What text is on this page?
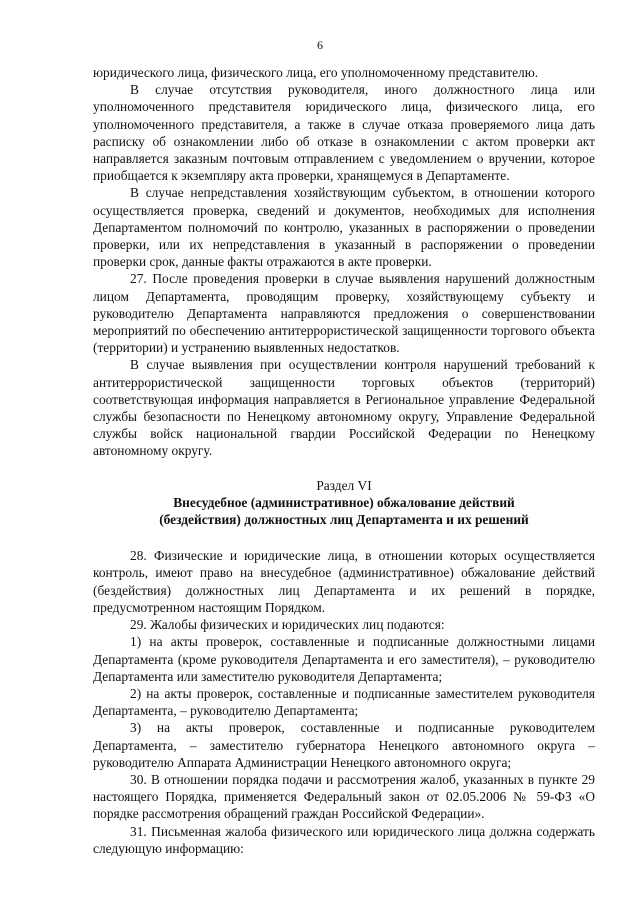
6

юридического лица, физического лица, его уполномоченному представителю.

В случае отсутствия руководителя, иного должностного лица или уполномоченного представителя юридического лица, физического лица, его уполномоченного представителя, а также в случае отказа проверяемого лица дать расписку об ознакомлении либо об отказе в ознакомлении с актом проверки акт направляется заказным почтовым отправлением с уведомлением о вручении, которое приобщается к экземпляру акта проверки, хранящемуся в Департаменте.

В случае непредставления хозяйствующим субъектом, в отношении которого осуществляется проверка, сведений и документов, необходимых для исполнения Департаментом полномочий по контролю, указанных в распоряжении о проведении проверки, или их непредставления в указанный в распоряжении о проведении проверки срок, данные факты отражаются в акте проверки.

27. После проведения проверки в случае выявления нарушений должностным лицом Департамента, проводящим проверку, хозяйствующему субъекту и руководителю Департамента направляются предложения о совершенствовании мероприятий по обеспечению антитеррористической защищенности торгового объекта (территории) и устранению выявленных недостатков.

В случае выявления при осуществлении контроля нарушений требований к антитеррористической защищенности торговых объектов (территорий) соответствующая информация направляется в Региональное управление Федеральной службы безопасности по Ненецкому автономному округу, Управление Федеральной службы войск национальной гвардии Российской Федерации по Ненецкому автономному округу.

Раздел VI

Внесудебное (административное) обжалование действий

(бездействия) должностных лиц Департамента и их решений

28. Физические и юридические лица, в отношении которых осуществляется контроль, имеют право на внесудебное (административное) обжалование действий (бездействия) должностных лиц Департамента и их решений в порядке, предусмотренном настоящим Порядком.

29. Жалобы физических и юридических лиц подаются:

1) на акты проверок, составленные и подписанные должностными лицами Департамента (кроме руководителя Департамента и его заместителя), – руководителю Департамента или заместителю руководителя Департамента;

2) на акты проверок, составленные и подписанные заместителем руководителя Департамента, – руководителю Департамента;

3) на акты проверок, составленные и подписанные руководителем Департамента, – заместителю губернатора Ненецкого автономного округа – руководителю Аппарата Администрации Ненецкого автономного округа;

30. В отношении порядка подачи и рассмотрения жалоб, указанных в пункте 29 настоящего Порядка, применяется Федеральный закон от 02.05.2006 № 59-ФЗ «О порядке рассмотрения обращений граждан Российской Федерации».

31. Письменная жалоба физического или юридического лица должна содержать следующую информацию:
